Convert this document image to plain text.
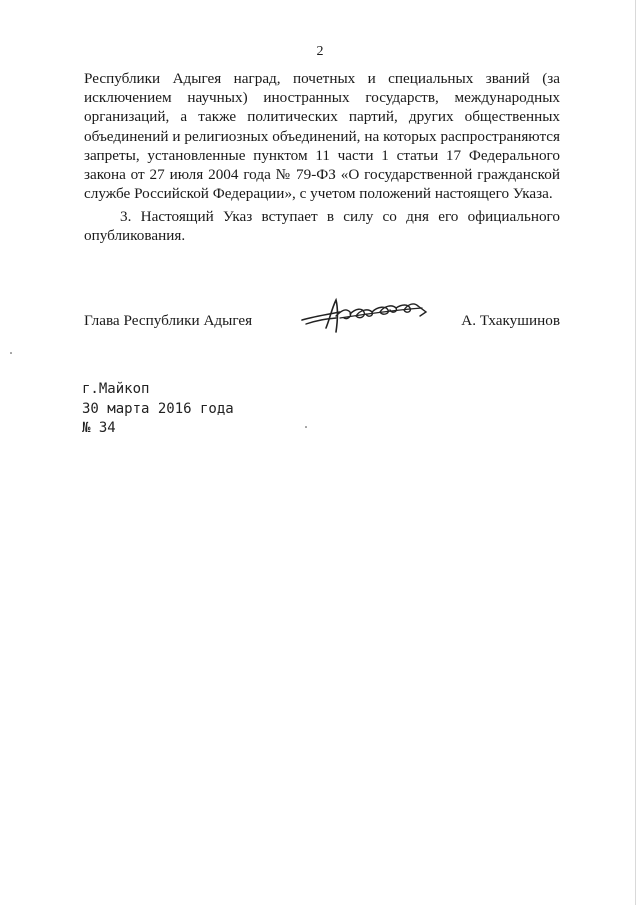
2

Республики Адыгея наград, почетных и специальных званий (за исключением научных) иностранных государств, международных организаций, а также политических партий, других общественных объединений и религиозных объединений, на которых распространяются запреты, установленные пунктом 11 части 1 статьи 17 Федерального закона от 27 июля 2004 года № 79-ФЗ «О государственной гражданской службе Российской Федерации», с учетом положений настоящего Указа.

3. Настоящий Указ вступает в силу со дня его официального опубликования.

Глава Республики Адыгея	А. Тхакушинов
г.Майкоп
30 марта 2016 года
№ 34
